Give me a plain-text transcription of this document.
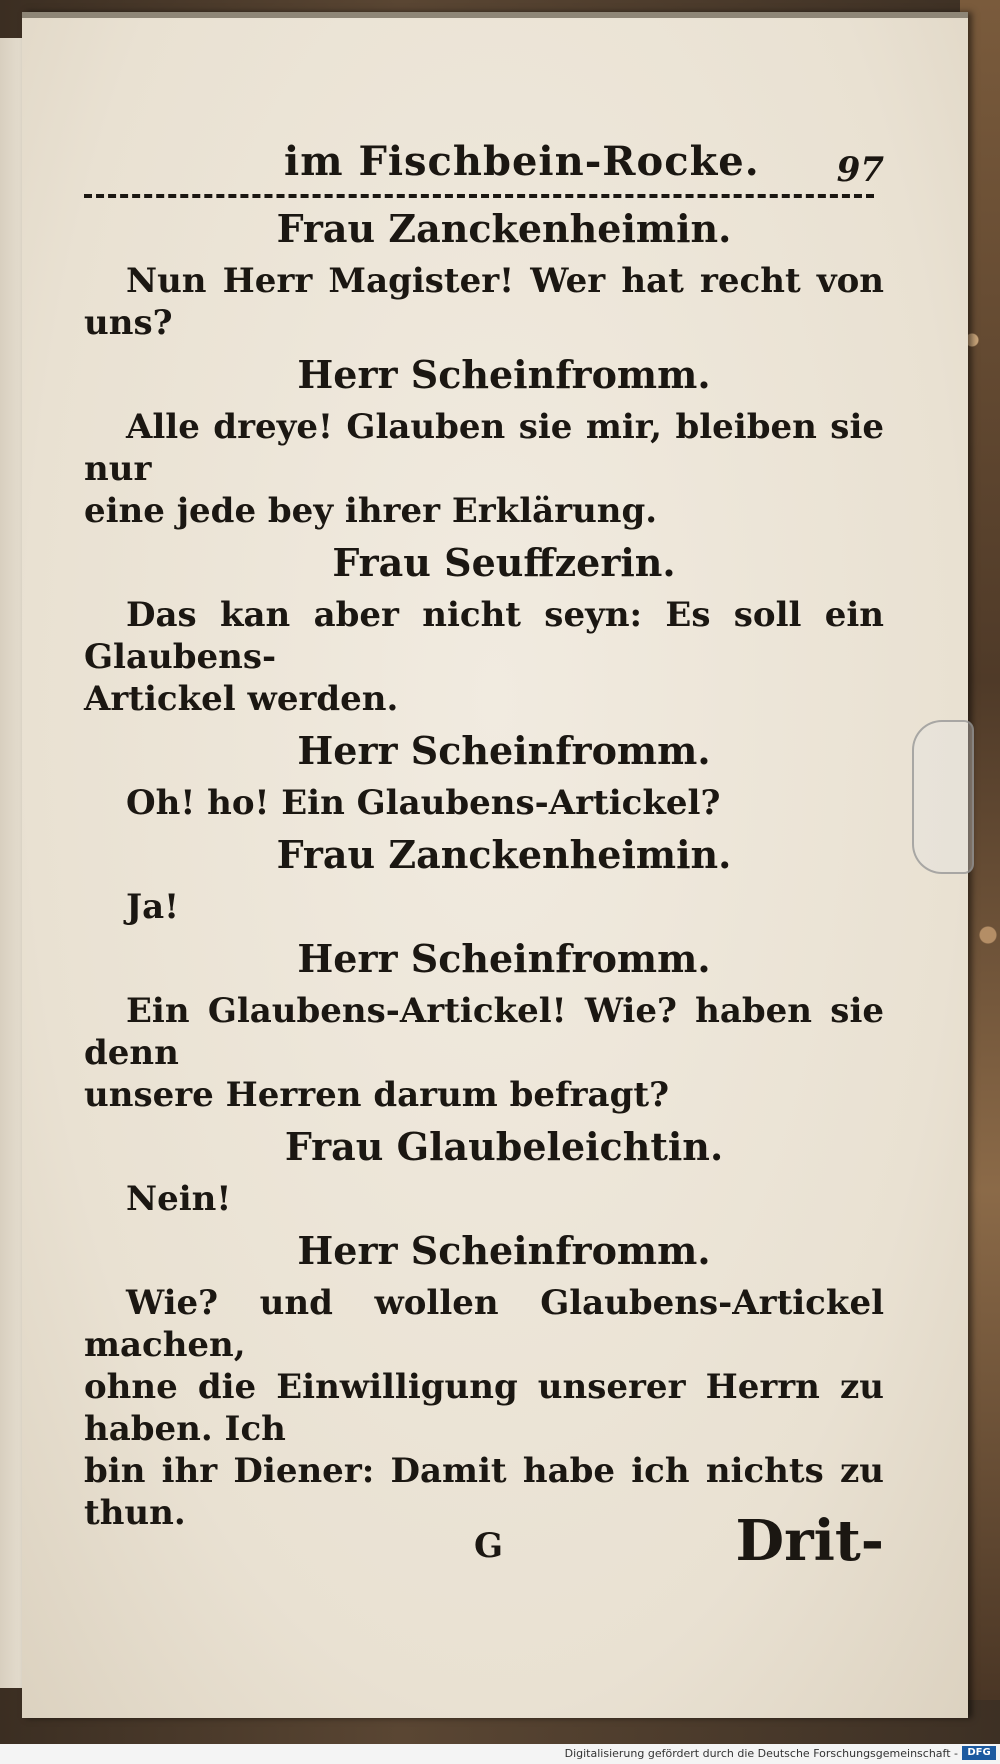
im Fischbein-Rocke. 97

Frau Zanckenheimin.

Nun Herr Magister! Wer hat recht von uns?

Herr Scheinfromm.

Alle dreye! Glauben sie mir, bleiben sie nur

eine jede bey ihrer Erklärung.

Frau Seuffzerin.

Das kan aber nicht seyn: Es soll ein Glaubens-

Artickel werden.

Herr Scheinfromm.

Oh! ho! Ein Glaubens-Artickel?

Frau Zanckenheimin.

Ja!

Herr Scheinfromm.

Ein Glaubens-Artickel! Wie? haben sie denn

unsere Herren darum befragt?

Frau Glaubeleichtin.

Nein!

Herr Scheinfromm.

Wie? und wollen Glaubens-Artickel machen,

ohne die Einwilligung unserer Herrn zu haben. Ich

bin ihr Diener: Damit habe ich nichts zu thun.

G	Drit-
Digitalisierung gefördert durch die Deutsche Forschungsgemeinschaft - DFG
